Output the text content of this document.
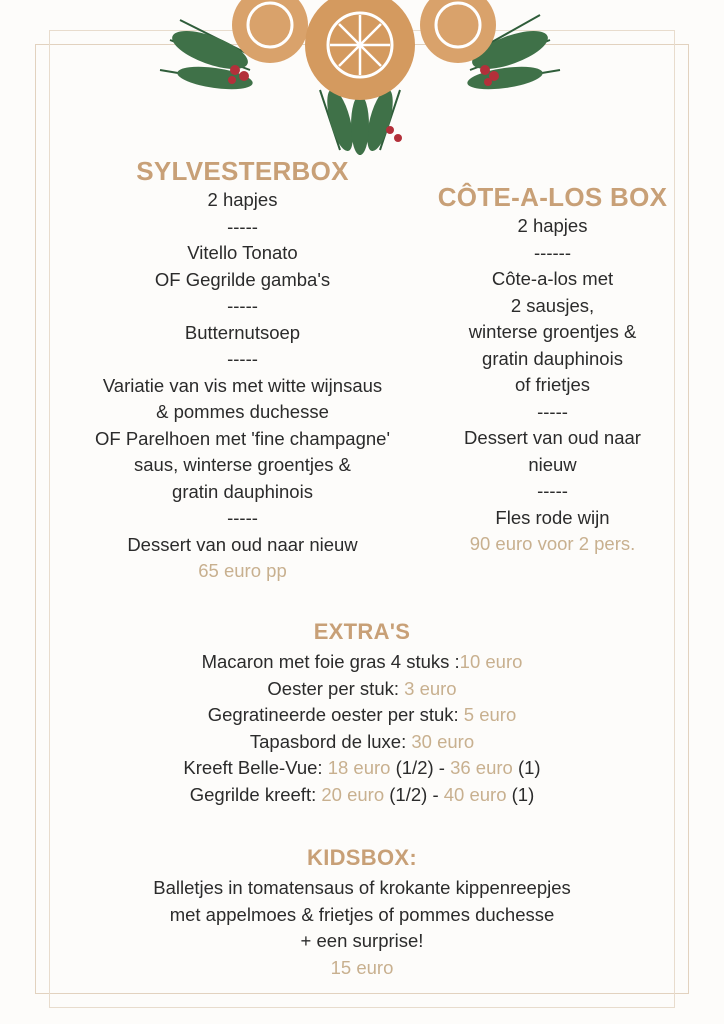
SYLVESTERBOX
2 hapjes
-----
Vitello Tonato
OF Gegrilde gamba's
-----
Butternutsoep
-----
Variatie van vis met witte wijnsaus
& pommes duchesse
OF Parelhoen met 'fine champagne'
saus, winterse groentjes &
gratin dauphinois
-----
Dessert van oud naar nieuw
65 euro pp
CÔTE-A-LOS BOX
2 hapjes
------
Côte-a-los met
2 sausjes,
winterse groentjes &
gratin dauphinois
of frietjes
-----
Dessert van oud naar
nieuw
-----
Fles rode wijn
90 euro voor 2 pers.
EXTRA'S
Macaron met foie gras 4 stuks :10 euro
Oester per stuk: 3 euro
Gegratineerde oester per stuk: 5 euro
Tapasbord de luxe: 30 euro
Kreeft Belle-Vue: 18 euro (1/2) - 36 euro (1)
Gegrilde kreeft: 20 euro (1/2) - 40 euro (1)
KIDSBOX:
Balletjes in tomatensaus of krokante kippenreepjes
met appelmoes & frietjes of pommes duchesse
+ een surprise!
15 euro
